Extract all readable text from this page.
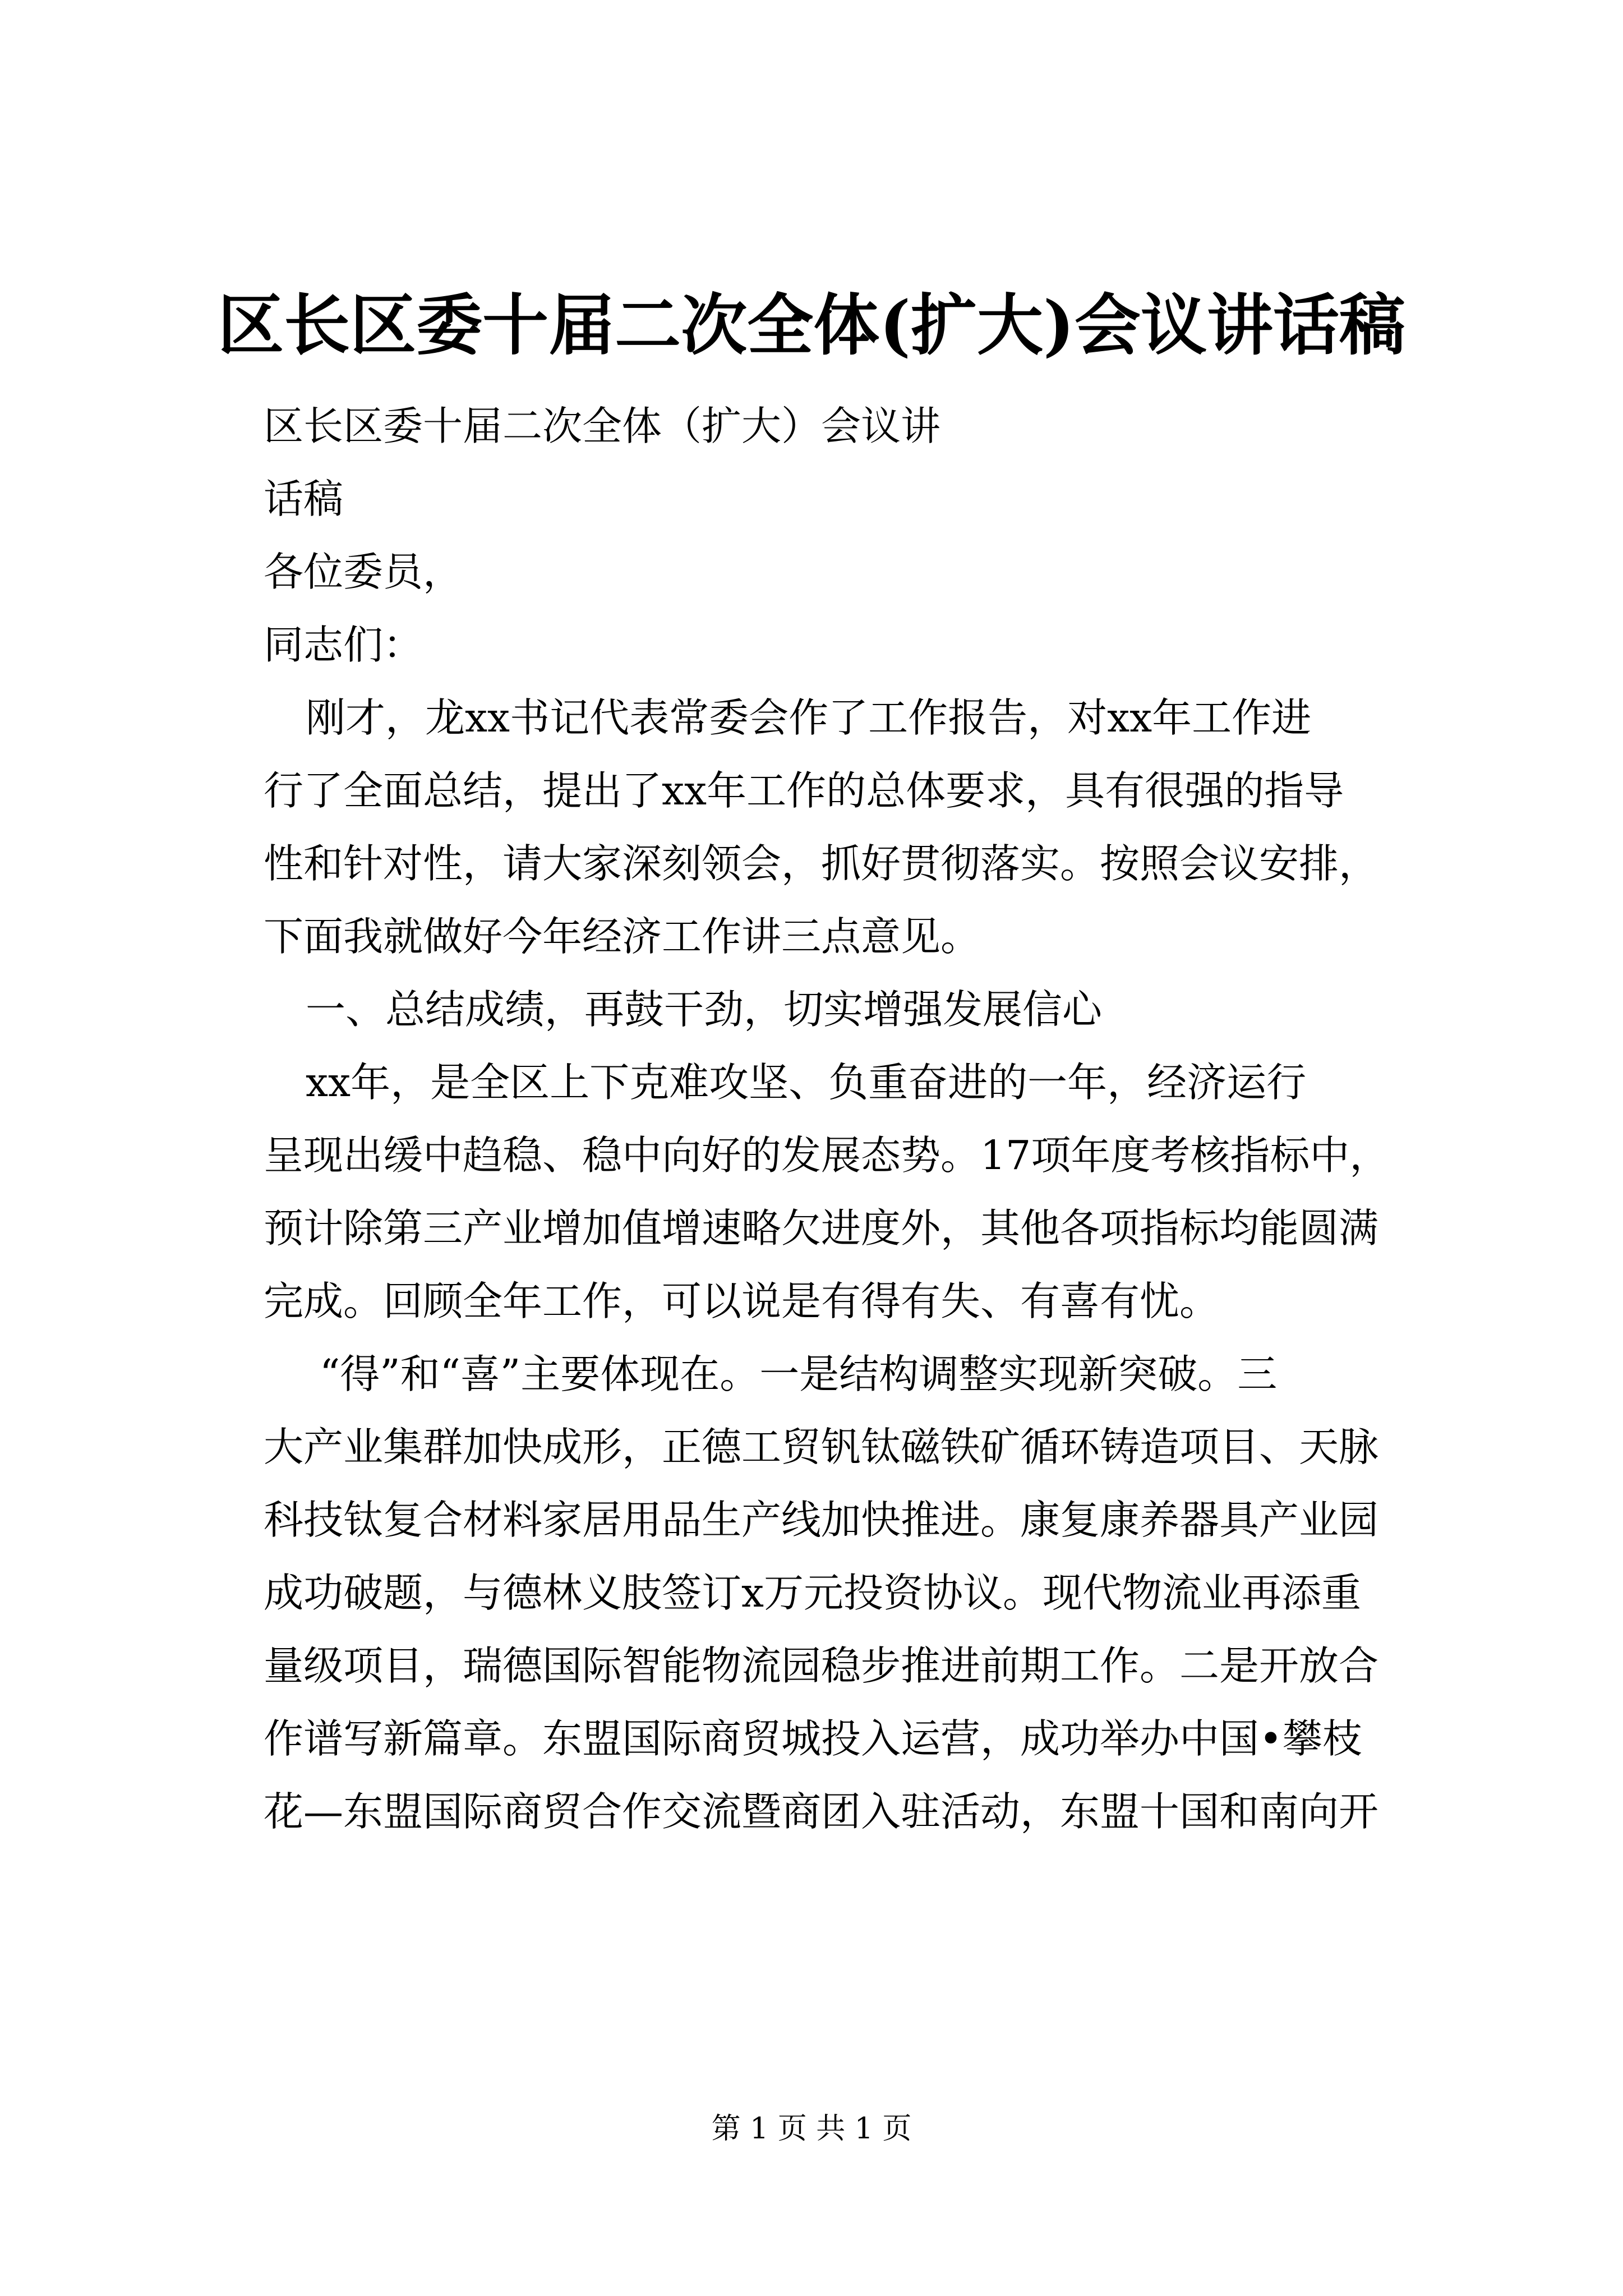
区长区委十届二次全体(扩大)会议讲话稿

区长区委十届二次全体（扩大）会议讲

话稿

各位委员，

同志们：

刚才，龙xx书记代表常委会作了工作报告，对xx年工作进

行了全面总结，提出了xx年工作的总体要求，具有很强的指导

性和针对性，请大家深刻领会，抓好贯彻落实。按照会议安排，

下面我就做好今年经济工作讲三点意见。

一、总结成绩，再鼓干劲，切实增强发展信心

xx年，是全区上下克难攻坚、负重奋进的一年，经济运行

呈现出缓中趋稳、稳中向好的发展态势。17项年度考核指标中，

预计除第三产业增加值增速略欠进度外，其他各项指标均能圆满

完成。回顾全年工作，可以说是有得有失、有喜有忧。

“得”和“喜”主要体现在。一是结构调整实现新突破。三

大产业集群加快成形，正德工贸钒钛磁铁矿循环铸造项目、天脉

科技钛复合材料家居用品生产线加快推进。康复康养器具产业园

成功破题，与德林义肢签订x万元投资协议。现代物流业再添重

量级项目，瑞德国际智能物流园稳步推进前期工作。二是开放合

作谱写新篇章。东盟国际商贸城投入运营，成功举办中国•攀枝

花—东盟国际商贸合作交流暨商团入驻活动，东盟十国和南向开

第 1 页 共 1 页
